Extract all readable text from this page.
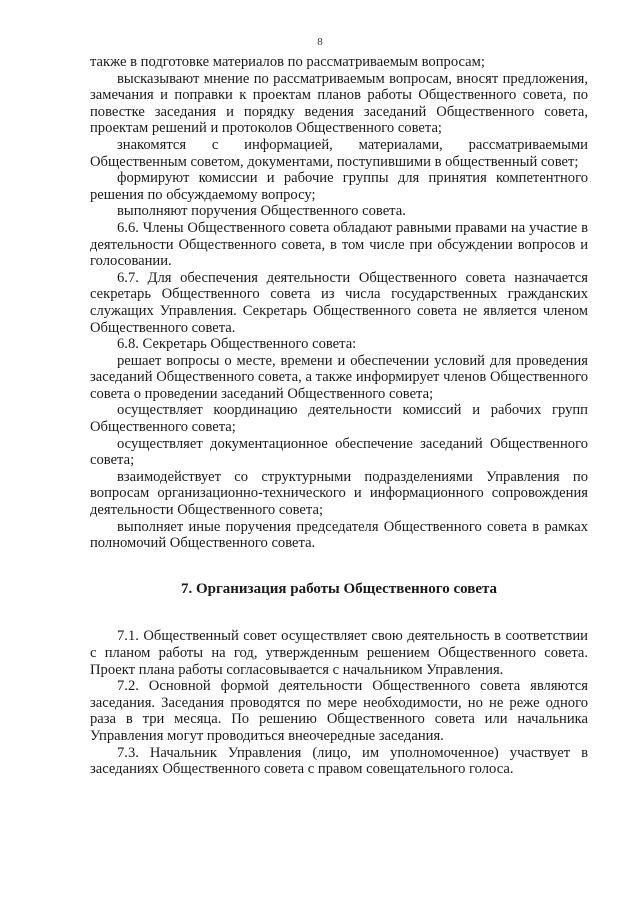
8

также в подготовке материалов по рассматриваемым вопросам;

высказывают мнение по рассматриваемым вопросам, вносят предложения, замечания и поправки к проектам планов работы Общественного совета, по повестке заседания и порядку ведения заседаний Общественного совета, проектам решений и протоколов Общественного совета;

знакомятся с информацией, материалами, рассматриваемыми Общественным советом, документами, поступившими в общественный совет;

формируют комиссии и рабочие группы для принятия компетентного решения по обсуждаемому вопросу;

выполняют поручения Общественного совета.

6.6. Члены Общественного совета обладают равными правами на участие в деятельности Общественного совета, в том числе при обсуждении вопросов и голосовании.

6.7. Для обеспечения деятельности Общественного совета назначается секретарь Общественного совета из числа государственных гражданских служащих Управления. Секретарь Общественного совета не является членом Общественного совета.

6.8. Секретарь Общественного совета:

решает вопросы о месте, времени и обеспечении условий для проведения заседаний Общественного совета, а также информирует членов Общественного совета о проведении заседаний Общественного совета;

осуществляет координацию деятельности комиссий и рабочих групп Общественного совета;

осуществляет документационное обеспечение заседаний Общественного совета;

взаимодействует со структурными подразделениями Управления по вопросам организационно-технического и информационного сопровождения деятельности Общественного совета;

выполняет иные поручения председателя Общественного совета в рамках полномочий Общественного совета.

7. Организация работы Общественного совета

7.1. Общественный совет осуществляет свою деятельность в соответствии с планом работы на год, утвержденным решением Общественного совета. Проект плана работы согласовывается с начальником Управления.

7.2. Основной формой деятельности Общественного совета являются заседания. Заседания проводятся по мере необходимости, но не реже одного раза в три месяца. По решению Общественного совета или начальника Управления могут проводиться внеочередные заседания.

7.3. Начальник Управления (лицо, им уполномоченное) участвует в заседаниях Общественного совета с правом совещательного голоса.
